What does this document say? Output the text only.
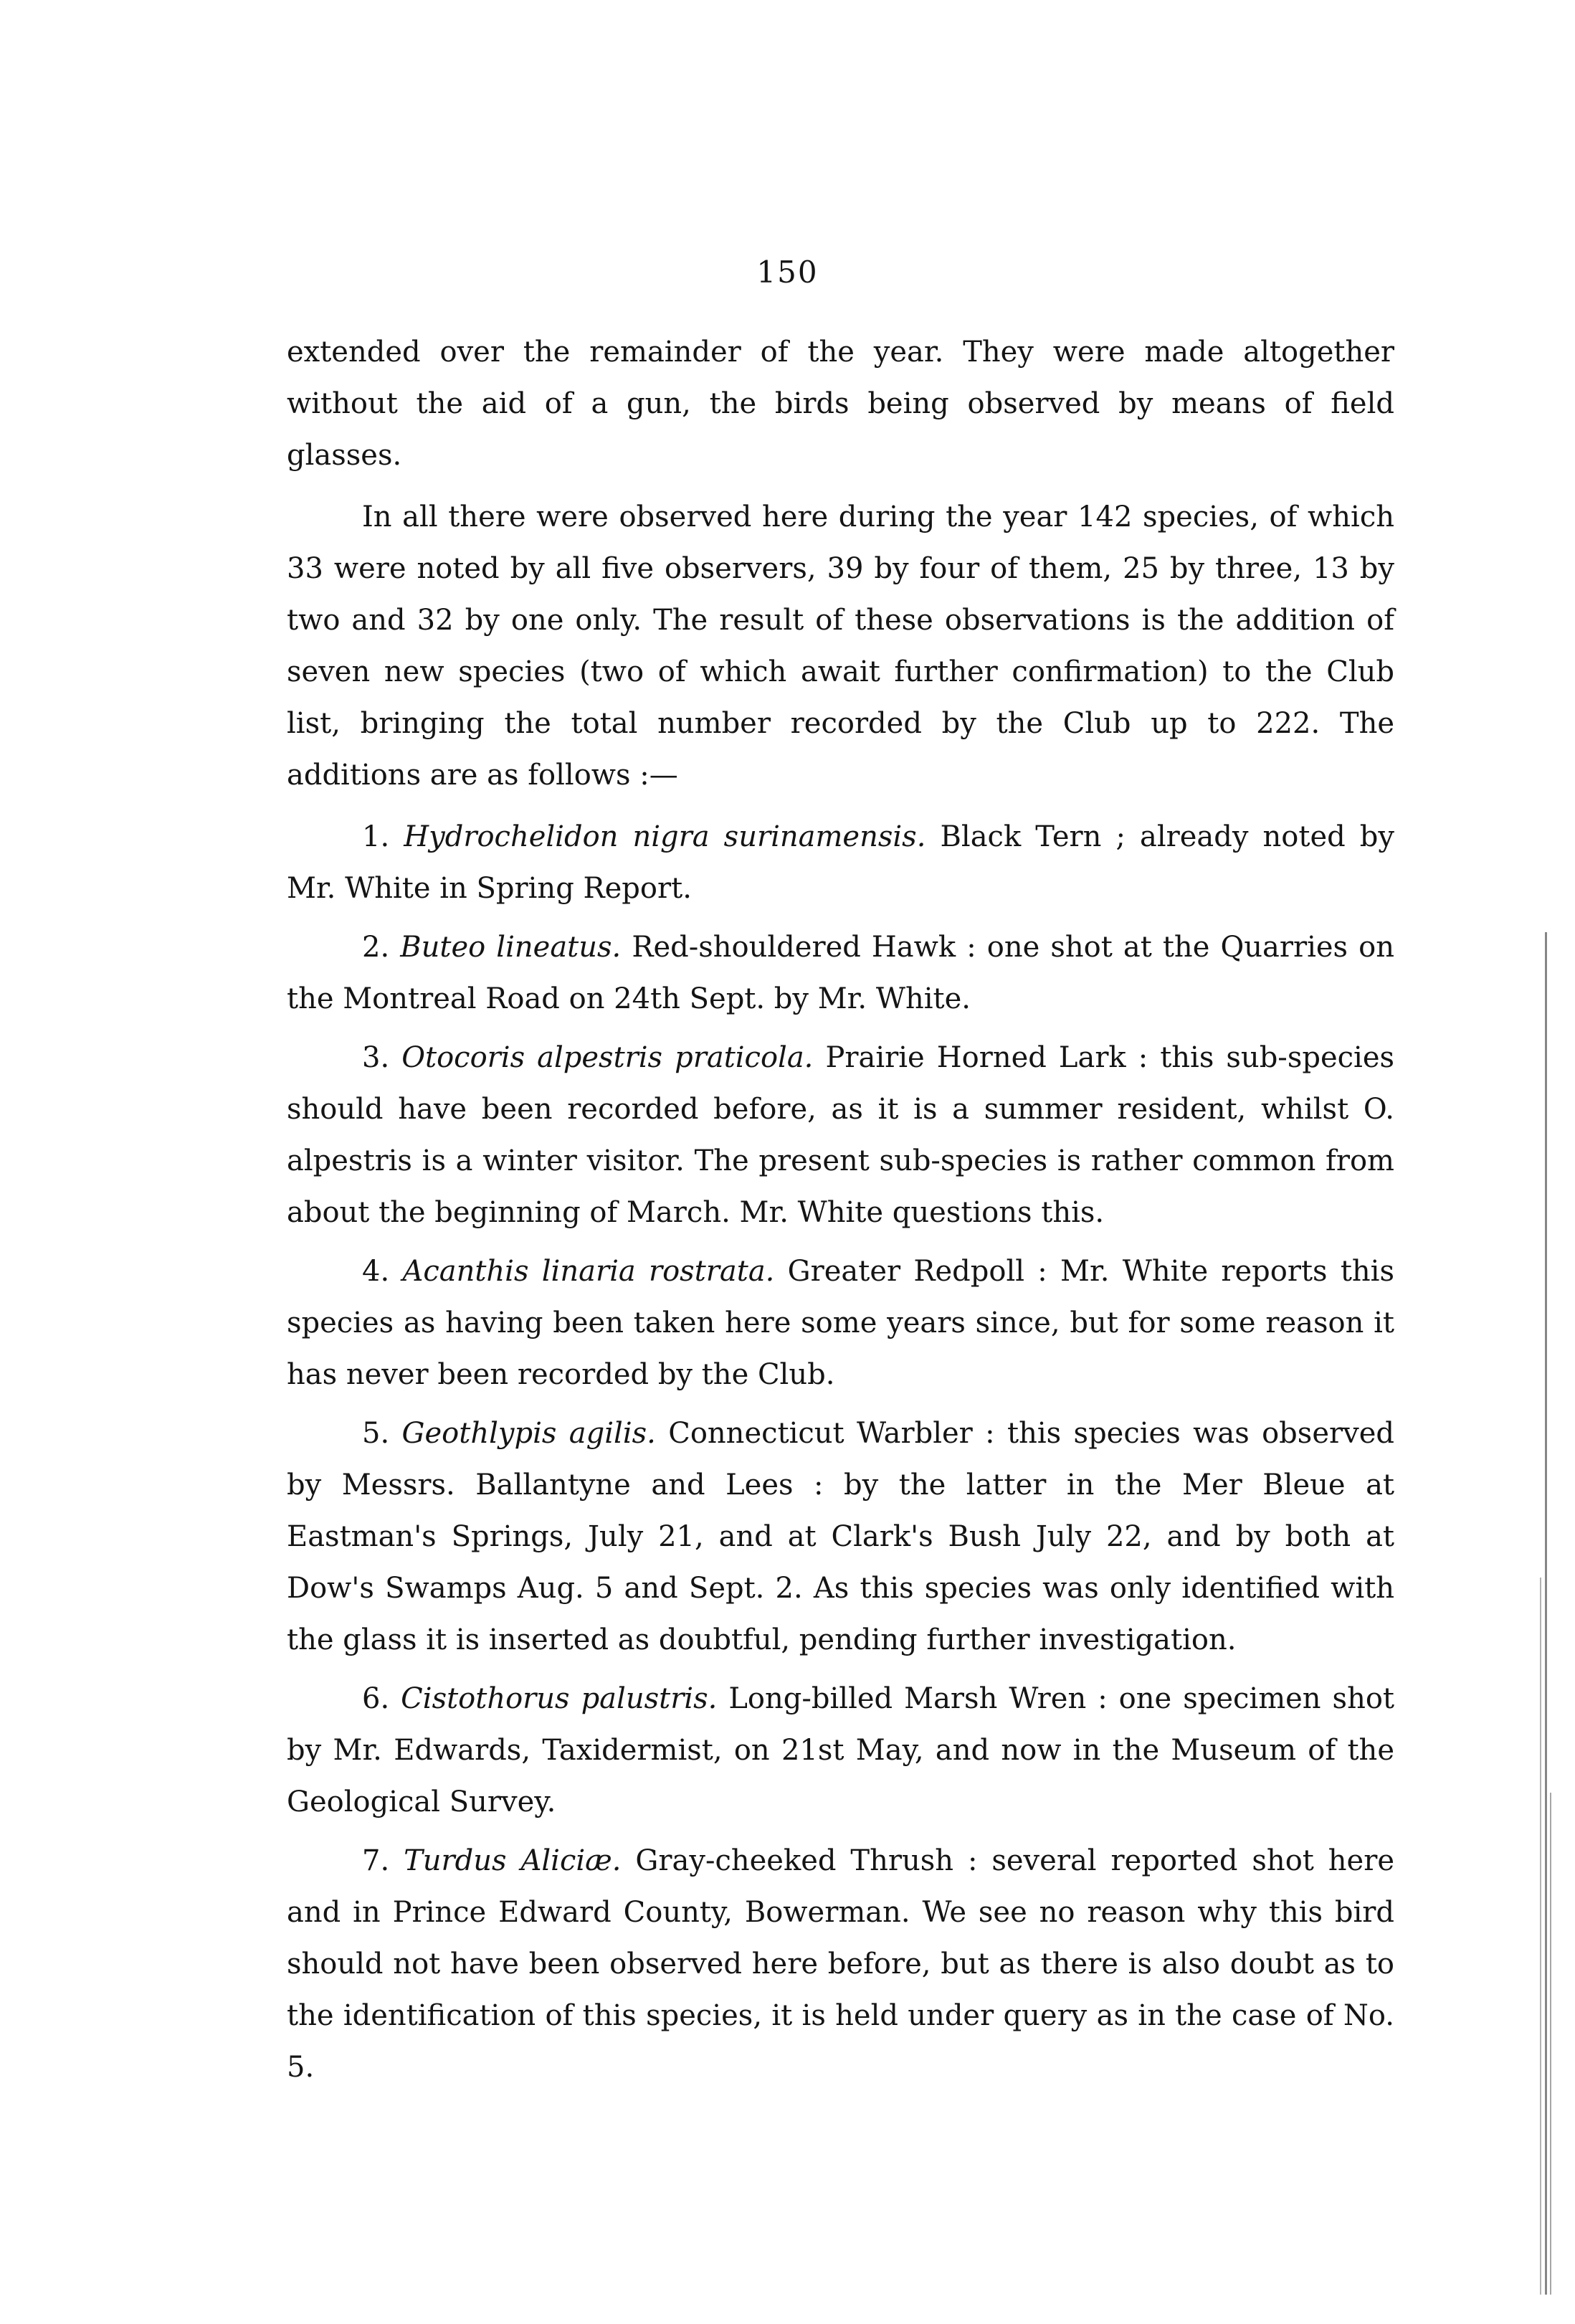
150

extended over the remainder of the year. They were made altogether without the aid of a gun, the birds being observed by means of field glasses.

In all there were observed here during the year 142 species, of which 33 were noted by all five observers, 39 by four of them, 25 by three, 13 by two and 32 by one only. The result of these observations is the addition of seven new species (two of which await further confirmation) to the Club list, bringing the total number recorded by the Club up to 222. The additions are as follows :—

1. Hydrochelidon nigra surinamensis. Black Tern ; already noted by Mr. White in Spring Report.

2. Buteo lineatus. Red-shouldered Hawk : one shot at the Quarries on the Montreal Road on 24th Sept. by Mr. White.

3. Otocoris alpestris praticola. Prairie Horned Lark : this sub-species should have been recorded before, as it is a summer resident, whilst O. alpestris is a winter visitor. The present sub-species is rather common from about the beginning of March. Mr. White questions this.

4. Acanthis linaria rostrata. Greater Redpoll : Mr. White reports this species as having been taken here some years since, but for some reason it has never been recorded by the Club.

5. Geothlypis agilis. Connecticut Warbler : this species was observed by Messrs. Ballantyne and Lees : by the latter in the Mer Bleue at Eastman's Springs, July 21, and at Clark's Bush July 22, and by both at Dow's Swamps Aug. 5 and Sept. 2. As this species was only identified with the glass it is inserted as doubtful, pending further investigation.

6. Cistothorus palustris. Long-billed Marsh Wren : one specimen shot by Mr. Edwards, Taxidermist, on 21st May, and now in the Museum of the Geological Survey.

7. Turdus Aliciæ. Gray-cheeked Thrush : several reported shot here and in Prince Edward County, Bowerman. We see no reason why this bird should not have been observed here before, but as there is also doubt as to the identification of this species, it is held under query as in the case of No. 5.
